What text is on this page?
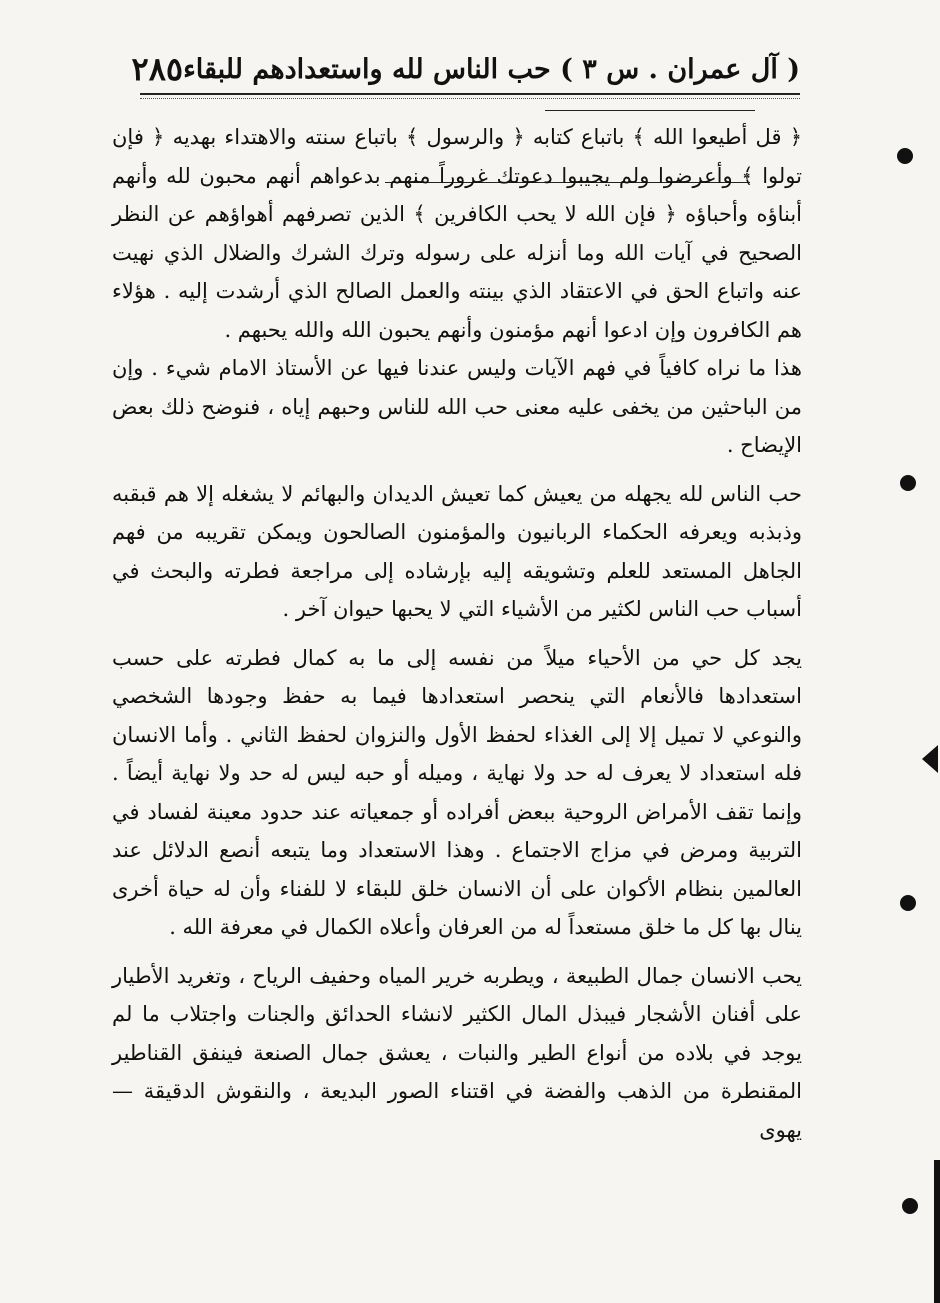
( آل عمران . س ٣ ) حب الناس لله واستعدادهم للبقاء
٢٨٥

﴿ قل أطيعوا الله ﴾ باتباع كتابه ﴿ والرسول ﴾ باتباع سنته والاهتداء بهديه ﴿ فإن تولوا ﴾ وأعرضوا ولم يجيبوا دعوتك غروراً منهم بدعواهم أنهم محبون لله وأنهم أبناؤه وأحباؤه ﴿ فإن الله لا يحب الكافرين ﴾ الذين تصرفهم أهواؤهم عن النظر الصحيح في آيات الله وما أنزله على رسوله وترك الشرك والضلال الذي نهيت عنه واتباع الحق في الاعتقاد الذي بينته والعمل الصالح الذي أرشدت إليه . هؤلاء هم الكافرون وإن ادعوا أنهم مؤمنون وأنهم يحبون الله والله يحبهم .

هذا ما نراه كافياً في فهم الآيات وليس عندنا فيها عن الأستاذ الامام شيء . وإن من الباحثين من يخفى عليه معنى حب الله للناس وحبهم إياه ، فنوضح ذلك بعض الإيضاح .

حب الناس لله يجهله من يعيش كما تعيش الديدان والبهائم لا يشغله إلا هم قبقبه وذبذبه ويعرفه الحكماء الربانيون والمؤمنون الصالحون ويمكن تقريبه من فهم الجاهل المستعد للعلم وتشويقه إليه بإرشاده إلى مراجعة فطرته والبحث في أسباب حب الناس لكثير من الأشياء التي لا يحبها حيوان آخر .

يجد كل حي من الأحياء ميلاً من نفسه إلى ما به كمال فطرته على حسب استعدادها فالأنعام التي ينحصر استعدادها فيما به حفظ وجودها الشخصي والنوعي لا تميل إلا إلى الغذاء لحفظ الأول والنزوان لحفظ الثاني . وأما الانسان فله استعداد لا يعرف له حد ولا نهاية ، وميله أو حبه ليس له حد ولا نهاية أيضاً . وإنما تقف الأمراض الروحية ببعض أفراده أو جمعياته عند حدود معينة لفساد في التربية ومرض في مزاج الاجتماع . وهذا الاستعداد وما يتبعه أنصع الدلائل عند العالمين بنظام الأكوان على أن الانسان خلق للبقاء لا للفناء وأن له حياة أخرى ينال بها كل ما خلق مستعداً له من العرفان وأعلاه الكمال في معرفة الله .

يحب الانسان جمال الطبيعة ، ويطربه خرير المياه وحفيف الرياح ، وتغريد الأطيار على أفنان الأشجار فيبذل المال الكثير لانشاء الحدائق والجنات واجتلاب ما لم يوجد في بلاده من أنواع الطير والنبات ، يعشق جمال الصنعة فينفق القناطير المقنطرة من الذهب والفضة في اقتناء الصور البديعة ، والنقوش الدقيقة — يهوى
